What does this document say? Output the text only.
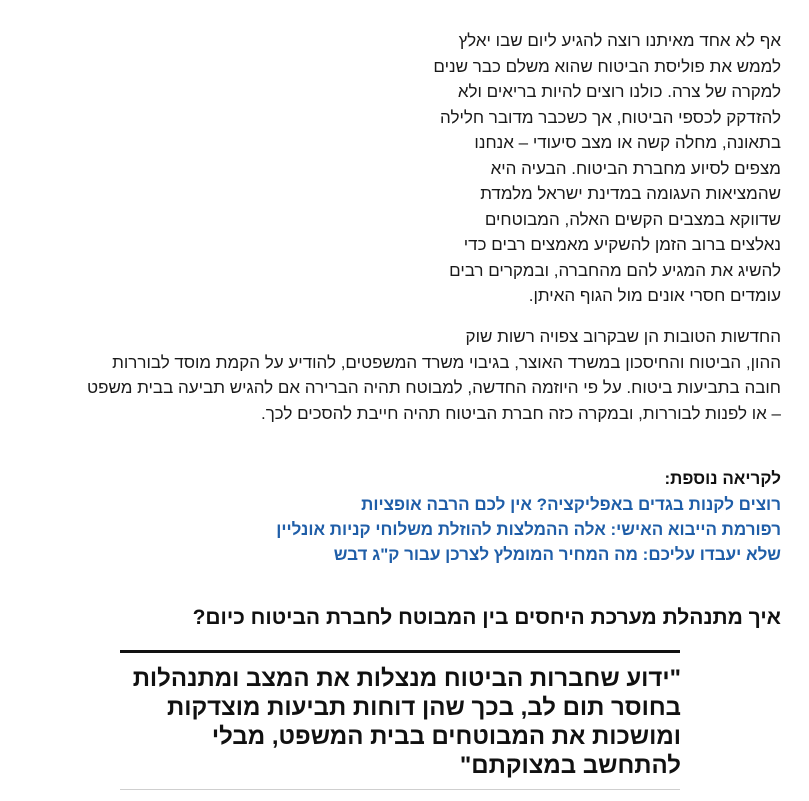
אף לא אחד מאיתנו רוצה להגיע ליום שבו יאלץ
לממש את פוליסת הביטוח שהוא משלם כבר שנים
למקרה של צרה. כולנו רוצים להיות בריאים ולא
להזדקק לכספי הביטוח, אך כשכבר מדובר חלילה
בתאונה, מחלה קשה או מצב סיעודי – אנחנו
מצפים לסיוע מחברת הביטוח. הבעיה היא
שהמציאות העגומה במדינת ישראל מלמדת
שדווקא במצבים הקשים האלה, המבוטחים
נאלצים ברוב הזמן להשקיע מאמצים רבים כדי
להשיג את המגיע להם מהחברה, ובמקרים רבים
עומדים חסרי אונים מול הגוף האיתן.

החדשות הטובות הן שבקרוב צפויה רשות שוק
ההון, הביטוח והחיסכון במשרד האוצר, בגיבוי משרד המשפטים, להודיע על הקמת מוסד לבוררות
חובה בתביעות ביטוח. על פי היוזמה החדשה, למבוטח תהיה הברירה אם להגיש תביעה בבית משפט
– או לפנות לבוררות, ובמקרה כזה חברת הביטוח תהיה חייבת להסכים לכך.

לקריאה נוספת:
רוצים לקנות בגדים באפליקציה? אין לכם הרבה אופציות
רפורמת הייבוא האישי: אלה ההמלצות להוזלת משלוחי קניות אונליין
שלא יעבדו עליכם: מה המחיר המומלץ לצרכן עבור ק"ג דבש
איך מתנהלת מערכת היחסים בין המבוטח לחברת הביטוח כיום?
"ידוע שחברות הביטוח מנצלות את המצב ומתנהלות
בחוסר תום לב, בכך שהן דוחות תביעות מוצדקות
ומושכות את המבוטחים בבית המשפט, מבלי
להתחשב במצוקתם"
